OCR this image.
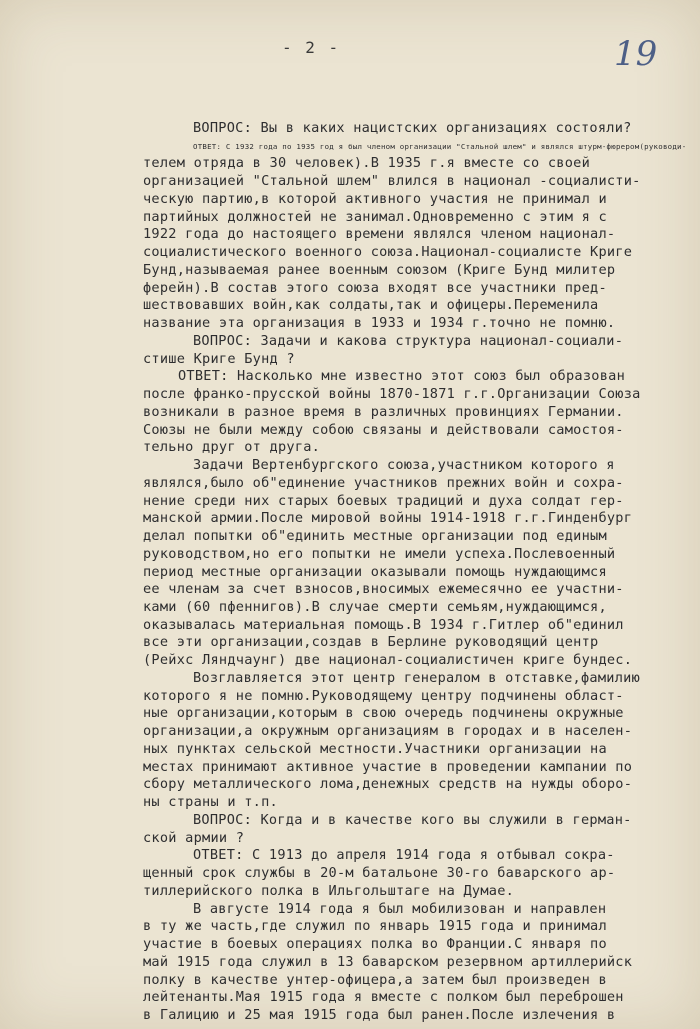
- 2 -	19
ВОПРОС: Вы в каких нацистских организациях состояли?
ОТВЕТ: С 1932 года по 1935 год я был членом организации "Стальной шлем" и являлся штурм-фюрером(руководи-
телем отряда в 30 человек).В 1935 г.я вместе со своей
организацией "Стальной шлем" влился в национал -социалисти-
ческую партию,в которой активного участия не принимал и
партийных должностей не занимал.Одновременно с этим я с
1922 года до настоящего времени являлся членом национал-
социалистического военного союза.Национал-социалисте Криге
Бунд,называемая ранее военным союзом (Криге Бунд милитер
ферейн).В состав этого союза входят все участники пред-
шествовавших войн,как солдаты,так и офицеры.Переменила
название эта организация в 1933 и 1934 г.точно не помню.
ВОПРОС: Задачи и какова структура национал-социали-
стише Криге Бунд ?
ОТВЕТ: Насколько мне известно этот союз был образован
после франко-прусской войны 1870-1871 г.г.Организации Союза
возникали в разное время в различных провинциях Германии.
Союзы не были между собою связаны и действовали самостоя-
тельно друг от друга.
Задачи Вертенбургского союза,участником которого я
являлся,было об"единение участников прежних войн и сохра-
нение среди них старых боевых традиций и духа солдат гер-
манской армии.После мировой войны 1914-1918 г.г.Гинденбург
делал попытки об"единить местные организации под единым
руководством,но его попытки не имели успеха.Послевоенный
период местные организации оказывали помощь нуждающимся
ее членам за счет взносов,вносимых ежемесячно ее участни-
ками (60 пфеннигов).В случае смерти семьям,нуждающимся,
оказывалась материальная помощь.В 1934 г.Гитлер об"единил
все эти организации,создав в Берлине руководящий центр
(Рейхс Ляндчаунг) две национал-социалистичен криге бундес.
Возглавляется этот центр генералом в отставке,фамилию
которого я не помню.Руководящему центру подчинены област-
ные организации,которым в свою очередь подчинены окружные
организации,а окружным организациям в городах и в населен-
ных пунктах сельской местности.Участники организации на
местах принимают активное участие в проведении кампании по
сбору металлического лома,денежных средств на нужды оборо-
ны страны и т.п.
ВОПРОС: Когда и в качестве кого вы служили в герман-
ской армии ?
ОТВЕТ: С 1913 до апреля 1914 года я отбывал сокра-
щенный срок службы в 20-м батальоне 30-го баварского ар-
тиллерийского полка в Ильгольштаге на Думае.
В августе 1914 года я был мобилизован и направлен
в ту же часть,где служил по январь 1915 года и принимал
участие в боевых операциях полка во Франции.С января по
май 1915 года служил в 13 баварском резервном артиллерийск
полку в качестве унтер-офицера,а затем был произведен в
лейтенанты.Мая 1915 года я вместе с полком был переброшен
в Галицию и 25 мая 1915 года был ранен.После излечения в
